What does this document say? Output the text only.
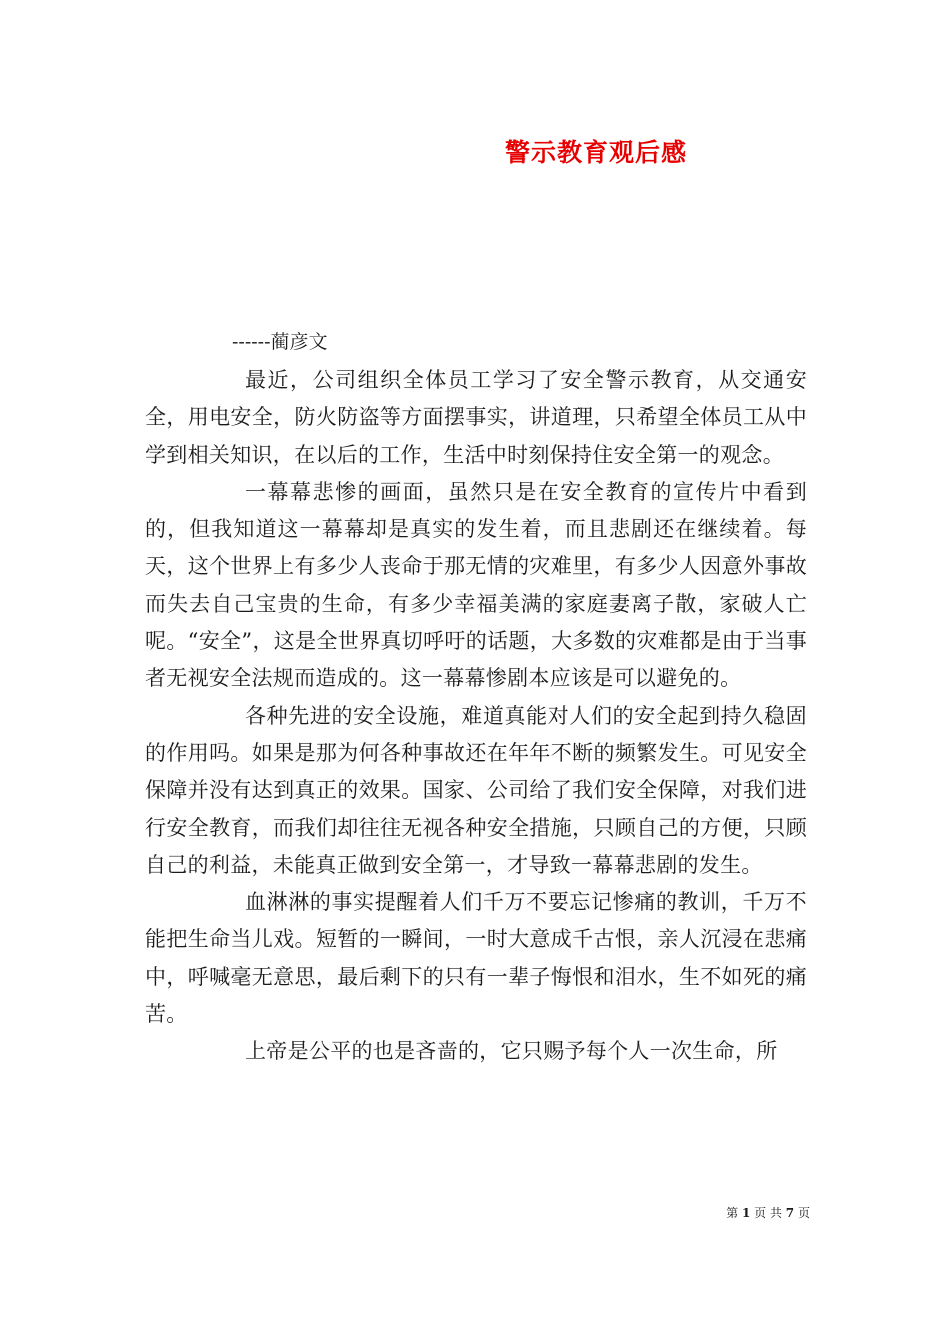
警示教育观后感

------蔺彦文

最近，公司组织全体员工学习了安全警示教育，从交通安全，用电安全，防火防盗等方面摆事实，讲道理，只希望全体员工从中学到相关知识，在以后的工作，生活中时刻保持住安全第一的观念。

一幕幕悲惨的画面，虽然只是在安全教育的宣传片中看到的，但我知道这一幕幕却是真实的发生着，而且悲剧还在继续着。每天，这个世界上有多少人丧命于那无情的灾难里，有多少人因意外事故而失去自己宝贵的生命，有多少幸福美满的家庭妻离子散，家破人亡呢。“安全”，这是全世界真切呼吁的话题，大多数的灾难都是由于当事者无视安全法规而造成的。这一幕幕惨剧本应该是可以避免的。

各种先进的安全设施，难道真能对人们的安全起到持久稳固的作用吗。如果是那为何各种事故还在年年不断的频繁发生。可见安全保障并没有达到真正的效果。国家、公司给了我们安全保障，对我们进行安全教育，而我们却往往无视各种安全措施，只顾自己的方便，只顾自己的利益，未能真正做到安全第一，才导致一幕幕悲剧的发生。

血淋淋的事实提醒着人们千万不要忘记惨痛的教训，千万不能把生命当儿戏。短暂的一瞬间，一时大意成千古恨，亲人沉浸在悲痛中，呼喊毫无意思，最后剩下的只有一辈子悔恨和泪水，生不如死的痛苦。

上帝是公平的也是吝啬的，它只赐予每个人一次生命，所

第 1 页 共 7 页
